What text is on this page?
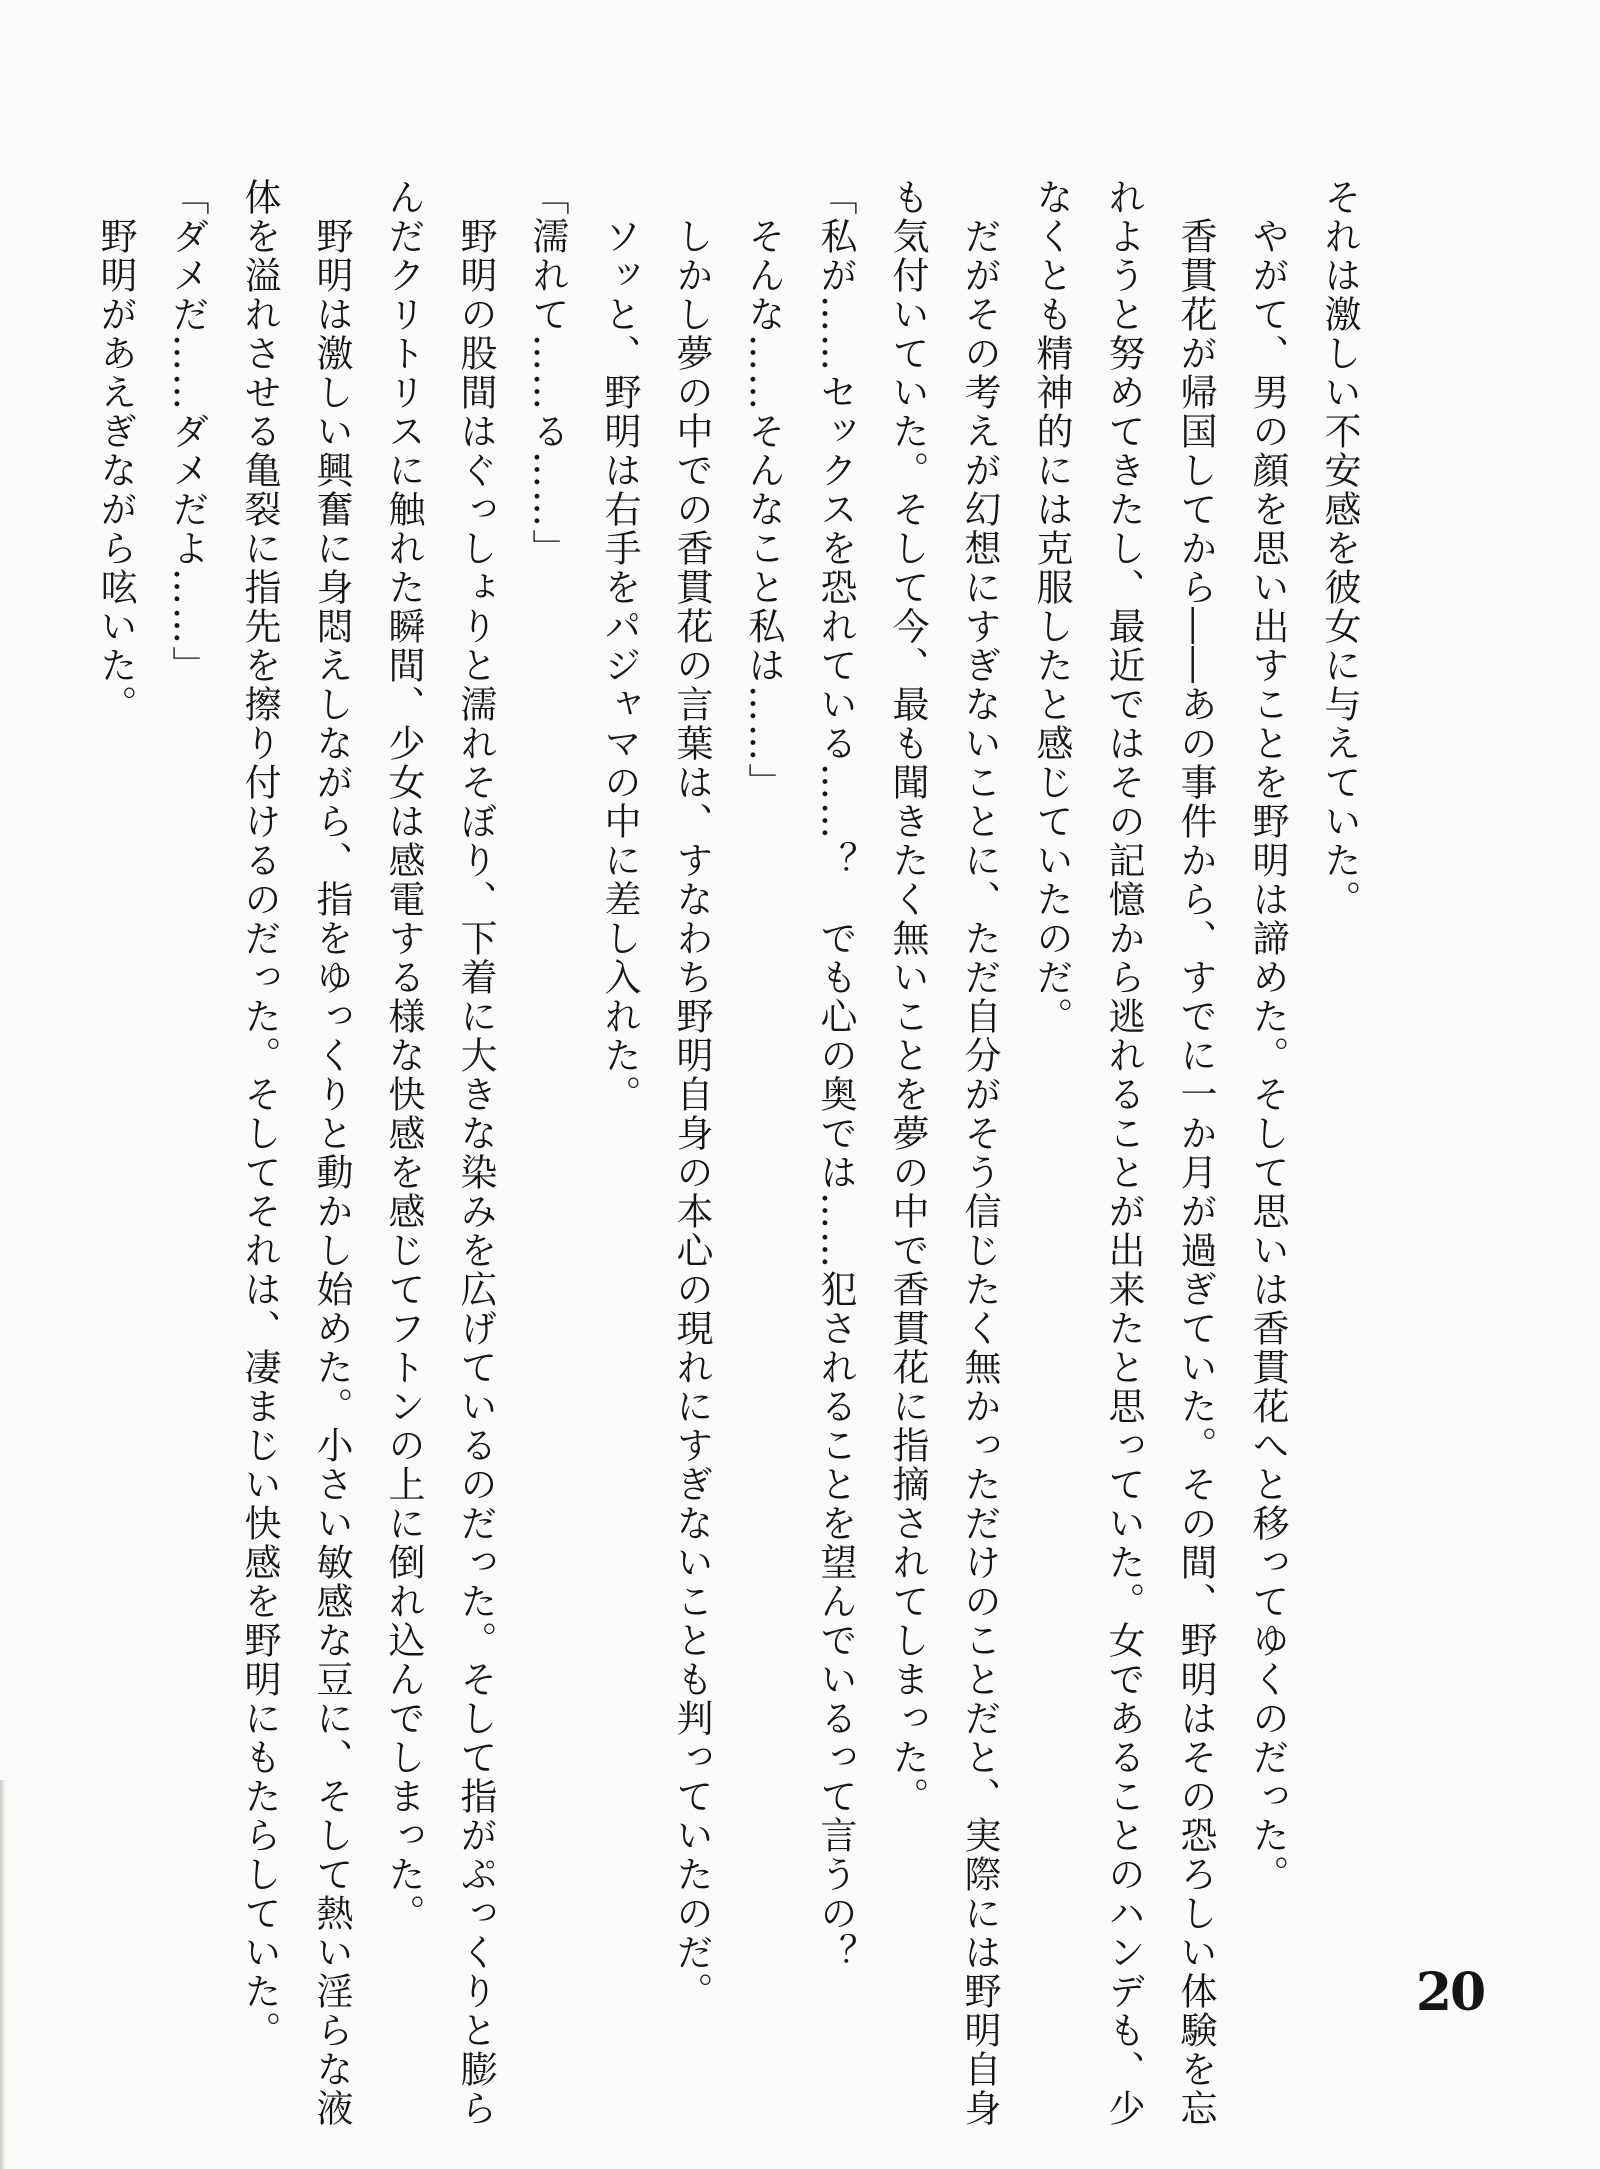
それは激しい不安感を彼女に与えていた。
　やがて、男の顔を思い出すことを野明は諦めた。そして思いは香貫花へと移ってゆくのだった。
　香貫花が帰国してから――あの事件から、すでに一か月が過ぎていた。その間、野明はその恐ろしい体験を忘
れようと努めてきたし、最近ではその記憶から逃れることが出来たと思っていた。女であることのハンデも、少
なくとも精神的には克服したと感じていたのだ。
　だがその考えが幻想にすぎないことに、ただ自分がそう信じたく無かっただけのことだと、実際には野明自身
も気付いていた。そして今、最も聞きたく無いことを夢の中で香貫花に指摘されてしまった。
「私が……セックスを恐れている……？　でも心の奥では……犯されることを望んでいるって言うの？
　そんな……そんなこと私は……」
　しかし夢の中での香貫花の言葉は、すなわち野明自身の本心の現れにすぎないことも判っていたのだ。
　ソッと、野明は右手をパジャマの中に差し入れた。
「濡れて……る……」
　野明の股間はぐっしょりと濡れそぼり、下着に大きな染みを広げているのだった。そして指がぷっくりと膨ら
んだクリトリスに触れた瞬間、少女は感電する様な快感を感じてフトンの上に倒れ込んでしまった。
　野明は激しい興奮に身悶えしながら、指をゆっくりと動かし始めた。小さい敏感な豆に、そして熱い淫らな液
体を溢れさせる亀裂に指先を擦り付けるのだった。そしてそれは、凄まじい快感を野明にもたらしていた。
「ダメだ……ダメだよ……」
　野明があえぎながら呟いた。
20
